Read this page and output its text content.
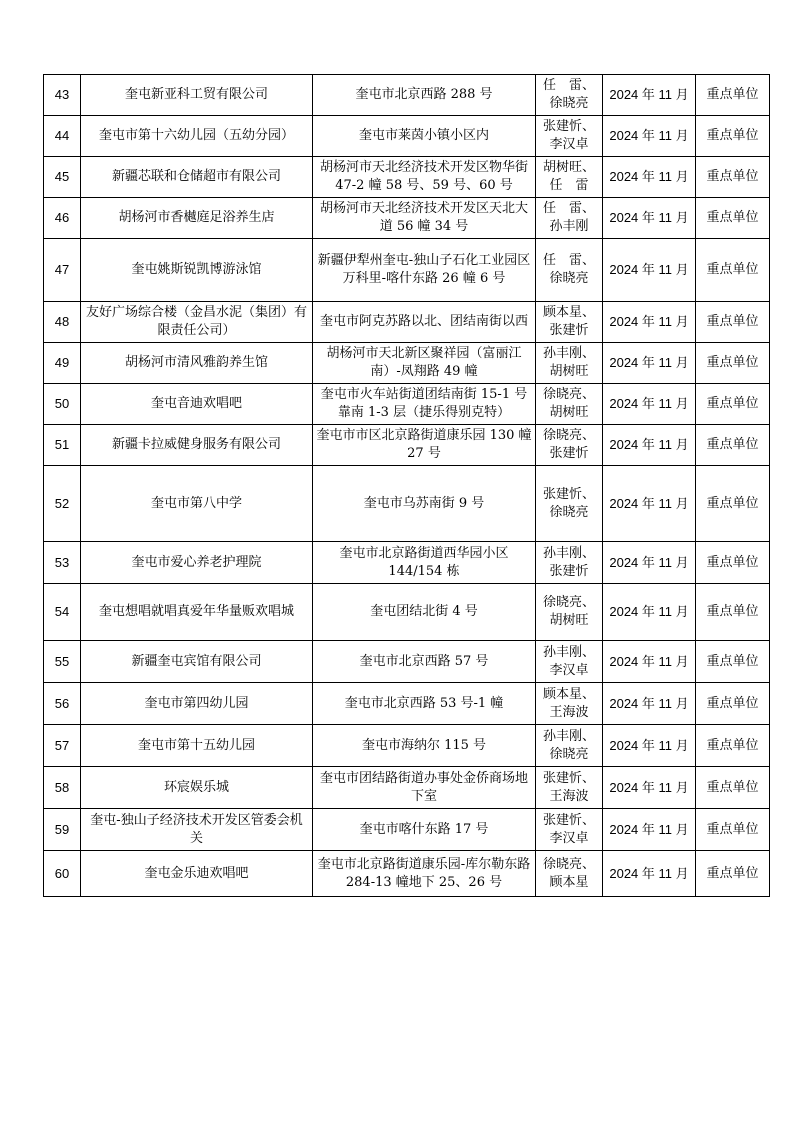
43	奎屯新亚科工贸有限公司	奎屯市北京西路 288 号	任　雷、
徐晓亮	2024 年 11 月	重点单位
44	奎屯市第十六幼儿园（五幼分园）	奎屯市莱茵小镇小区内	张建忻、
李汉卓	2024 年 11 月	重点单位
45	新疆芯联和仓储超市有限公司	胡杨河市天北经济技术开发区物华街 47-2 幢 58 号、59 号、60 号	胡树旺、
任　雷	2024 年 11 月	重点单位
46	胡杨河市香樾庭足浴养生店	胡杨河市天北经济技术开发区天北大道 56 幢 34 号	任　雷、
孙丰刚	2024 年 11 月	重点单位
47	奎屯姚斯锐凯博游泳馆	新疆伊犁州奎屯-独山子石化工业园区万科里-喀什东路 26 幢 6 号	任　雷、
徐晓亮	2024 年 11 月	重点单位
48	友好广场综合楼（金昌水泥（集团）有限责任公司）	奎屯市阿克苏路以北、团结南街以西	顾本星、
张建忻	2024 年 11 月	重点单位
49	胡杨河市清风雅韵养生馆	胡杨河市天北新区聚祥园（富丽江南）-凤翔路 49 幢	孙丰刚、
胡树旺	2024 年 11 月	重点单位
50	奎屯音迪欢唱吧	奎屯市火车站街道团结南街 15-1 号靠南 1-3 层（捷乐得别克特）	徐晓亮、
胡树旺	2024 年 11 月	重点单位
51	新疆卡拉威健身服务有限公司	奎屯市市区北京路街道康乐园 130 幢 27 号	徐晓亮、
张建忻	2024 年 11 月	重点单位
52	奎屯市第八中学	奎屯市乌苏南街 9 号	张建忻、
徐晓亮	2024 年 11 月	重点单位
53	奎屯市爱心养老护理院	奎屯市北京路街道西华园小区 144/154 栋	孙丰刚、
张建忻	2024 年 11 月	重点单位
54	奎屯想唱就唱真爱年华量贩欢唱城	奎屯团结北街 4 号	徐晓亮、
胡树旺	2024 年 11 月	重点单位
55	新疆奎屯宾馆有限公司	奎屯市北京西路 57 号	孙丰刚、
李汉卓	2024 年 11 月	重点单位
56	奎屯市第四幼儿园	奎屯市北京西路 53 号-1 幢	顾本星、
王海波	2024 年 11 月	重点单位
57	奎屯市第十五幼儿园	奎屯市海纳尔 115 号	孙丰刚、
徐晓亮	2024 年 11 月	重点单位
58	环宸娱乐城	奎屯市团结路街道办事处金侨商场地下室	张建忻、
王海波	2024 年 11 月	重点单位
59	奎屯-独山子经济技术开发区管委会机关	奎屯市喀什东路 17 号	张建忻、
李汉卓	2024 年 11 月	重点单位
60	奎屯金乐迪欢唱吧	奎屯市北京路街道康乐园-库尔勒东路 284-13 幢地下 25、26 号	徐晓亮、
顾本星	2024 年 11 月	重点单位
